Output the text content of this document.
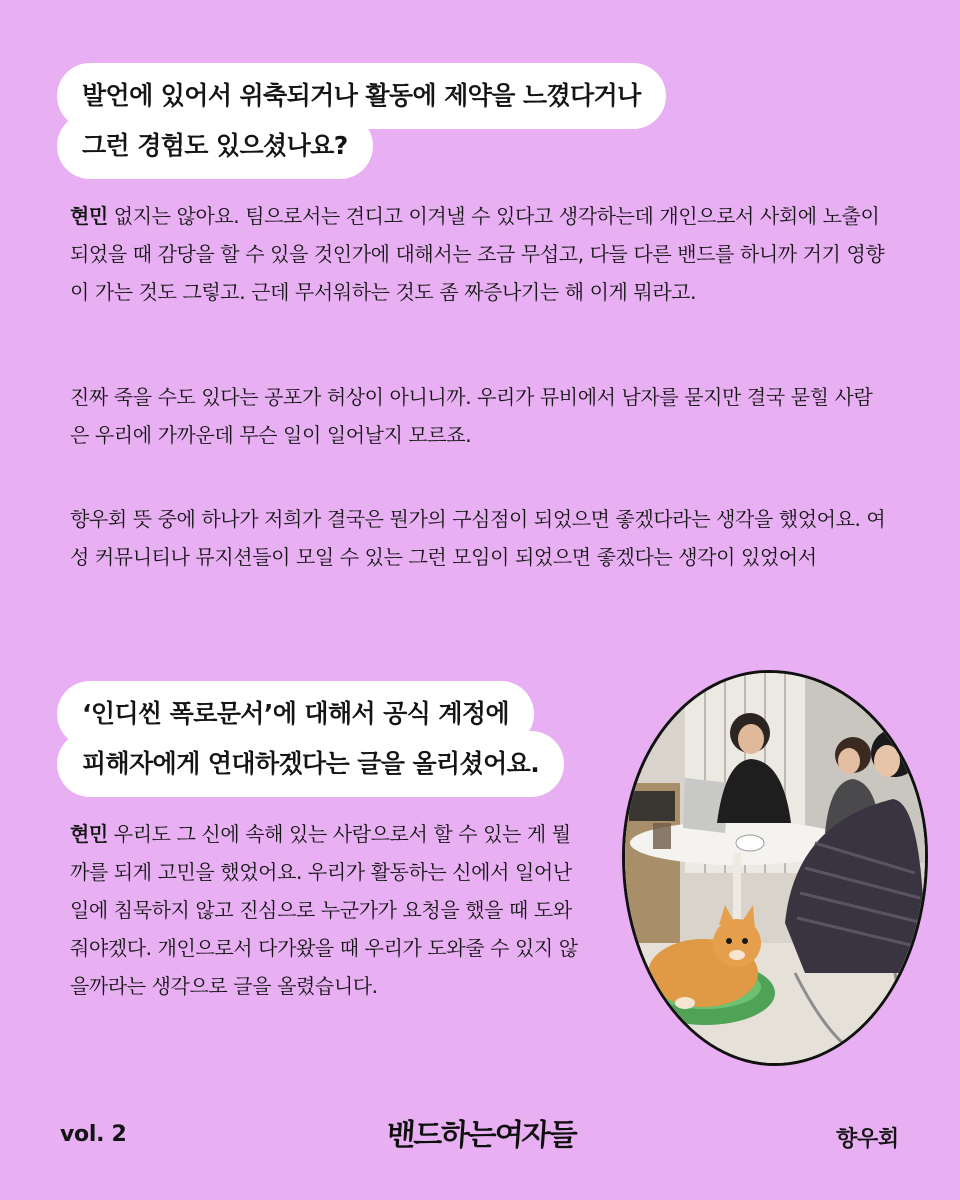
발언에 있어서 위축되거나 활동에 제약을 느꼈다거나
그런 경험도 있으셨나요?

현민 없지는 않아요. 팀으로서는 견디고 이겨낼 수 있다고 생각하는데 개인으로서 사회에 노출이 되었을 때 감당을 할 수 있을 것인가에 대해서는 조금 무섭고, 다들 다른 밴드를 하니까 거기 영향이 가는 것도 그렇고. 근데 무서워하는 것도 좀 짜증나기는 해 이게 뭐라고.

진짜 죽을 수도 있다는 공포가 허상이 아니니까. 우리가 뮤비에서 남자를 묻지만 결국 묻힐 사람은 우리에 가까운데 무슨 일이 일어날지 모르죠.

향우회 뜻 중에 하나가 저희가 결국은 뭔가의 구심점이 되었으면 좋겠다라는 생각을 했었어요. 여성 커뮤니티나 뮤지션들이 모일 수 있는 그런 모임이 되었으면 좋겠다는 생각이 있었어서

‘인디씬 폭로문서’에 대해서 공식 계정에
피해자에게 연대하겠다는 글을 올리셨어요.

현민 우리도 그 신에 속해 있는 사람으로서 할 수 있는 게 뭘까를 되게 고민을 했었어요. 우리가 활동하는 신에서 일어난 일에 침묵하지 않고 진심으로 누군가가 요청을 했을 때 도와줘야겠다. 개인으로서 다가왔을 때 우리가 도와줄 수 있지 않을까라는 생각으로 글을 올렸습니다.

vol. 2	밴드하는여자들	향우회
